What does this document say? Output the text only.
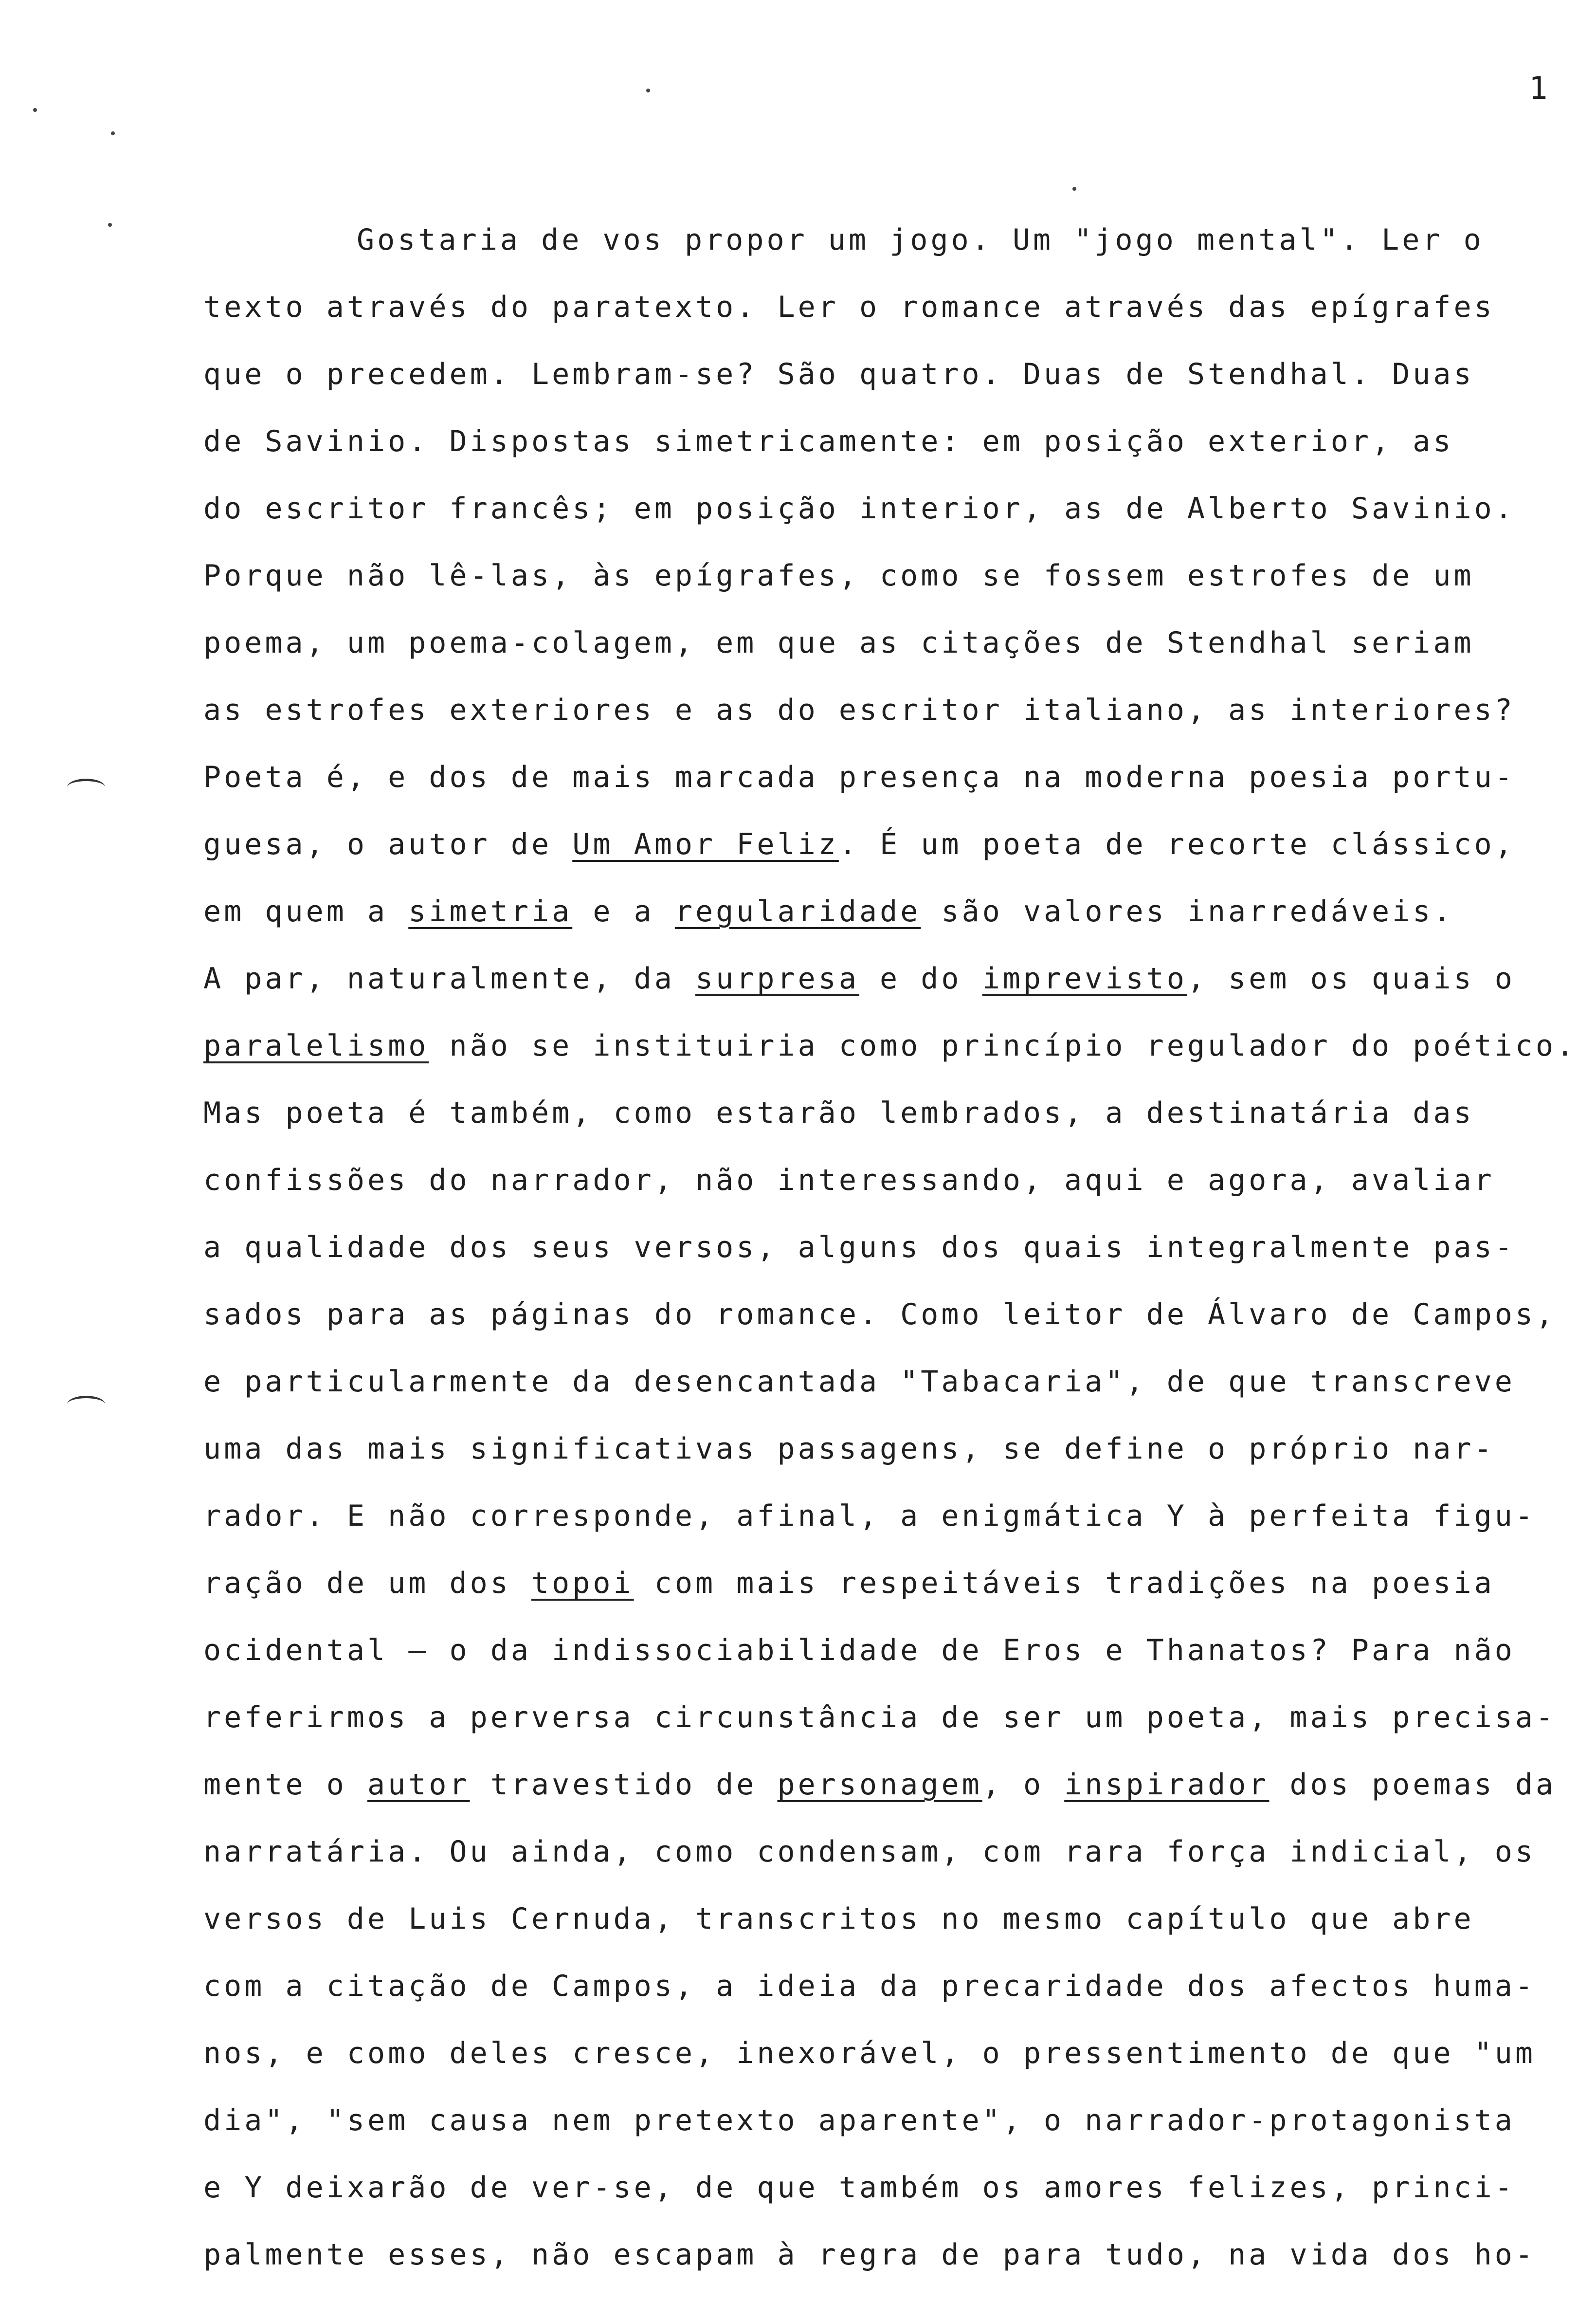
1
Gostaria de vos propor um jogo. Um "jogo mental". Ler o
texto através do paratexto. Ler o romance através das epígrafes
que o precedem. Lembram-se? São quatro. Duas de Stendhal. Duas
de Savinio. Dispostas simetricamente: em posição exterior, as
do escritor francês; em posição interior, as de Alberto Savinio.
Porque não lê-las, às epígrafes, como se fossem estrofes de um
poema, um poema-colagem, em que as citações de Stendhal seriam
as estrofes exteriores e as do escritor italiano, as interiores?
Poeta é, e dos de mais marcada presença na moderna poesia portu-
guesa, o autor de Um Amor Feliz. É um poeta de recorte clássico,
em quem a simetria e a regularidade são valores inarredáveis.
A par, naturalmente, da surpresa e do imprevisto, sem os quais o
paralelismo não se instituiria como princípio regulador do poético.
Mas poeta é também, como estarão lembrados, a destinatária das
confissões do narrador, não interessando, aqui e agora, avaliar
a qualidade dos seus versos, alguns dos quais integralmente pas-
sados para as páginas do romance. Como leitor de Álvaro de Campos,
e particularmente da desencantada "Tabacaria", de que transcreve
uma das mais significativas passagens, se define o próprio nar-
rador. E não corresponde, afinal, a enigmática Y à perfeita figu-
ração de um dos topoi com mais respeitáveis tradições na poesia
ocidental — o da indissociabilidade de Eros e Thanatos? Para não
referirmos a perversa circunstância de ser um poeta, mais precisa-
mente o autor travestido de personagem, o inspirador dos poemas da
narratária. Ou ainda, como condensam, com rara força indicial, os
versos de Luis Cernuda, transcritos no mesmo capítulo que abre
com a citação de Campos, a ideia da precaridade dos afectos huma-
nos, e como deles cresce, inexorável, o pressentimento de que "um
dia", "sem causa nem pretexto aparente", o narrador-protagonista
e Y deixarão de ver-se, de que também os amores felizes, princi-
palmente esses, não escapam à regra de para tudo, na vida dos ho-
